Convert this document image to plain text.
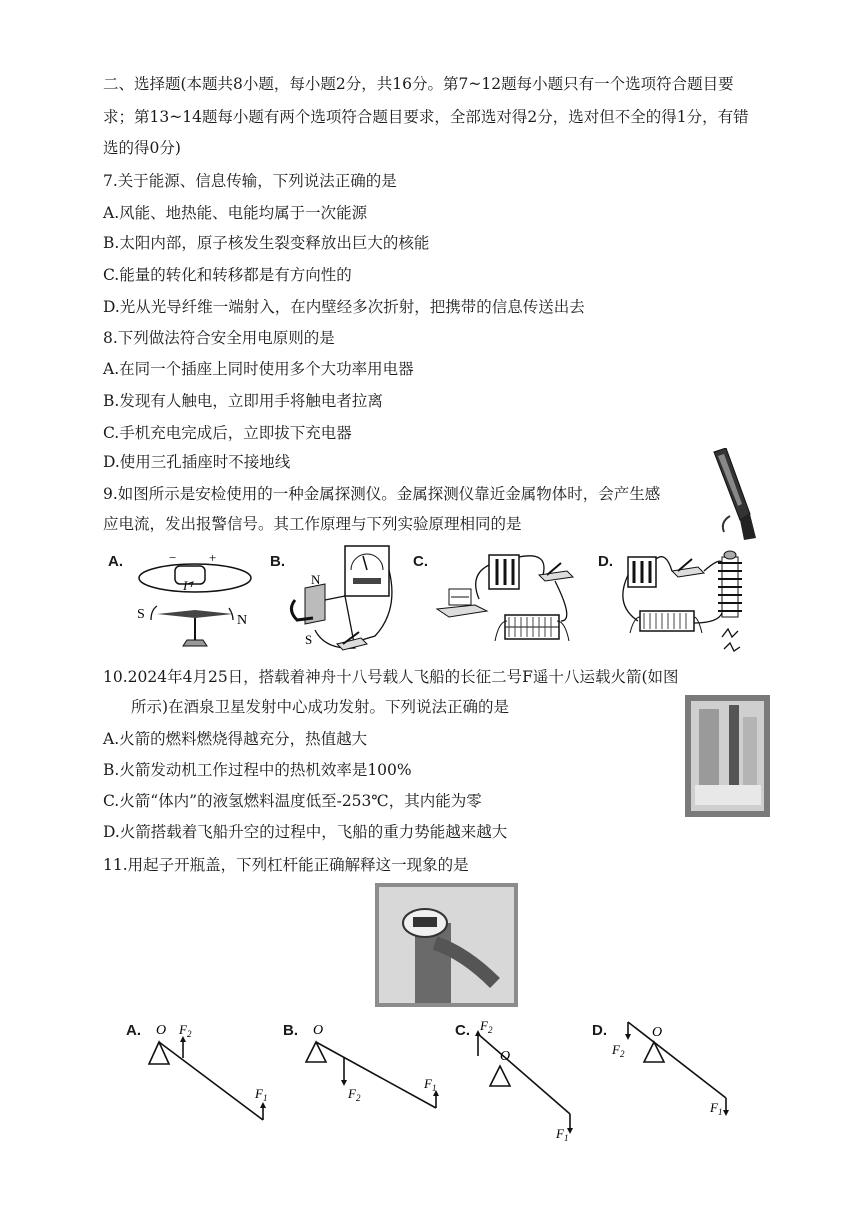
二、选择题(本题共8小题，每小题2分，共16分。第7~12题每小题只有一个选项符合题目要
求；第13~14题每小题有两个选项符合题目要求，全部选对得2分，选对但不全的得1分，有错
选的得0分)
7.关于能源、信息传输，下列说法正确的是
A.风能、地热能、电能均属于一次能源
B.太阳内部，原子核发生裂变释放出巨大的核能
C.能量的转化和转移都是有方向性的
D.光从光导纤维一端射入，在内壁经多次折射，把携带的信息传送出去
8.下列做法符合安全用电原则的是
A.在同一个插座上同时使用多个大功率用电器
B.发现有人触电，立即用手将触电者拉离
C.手机充电完成后，立即拔下充电器
D.使用三孔插座时不接地线
9.如图所示是安检使用的一种金属探测仪。金属探测仪靠近金属物体时，会产生感
应电流，发出报警信号。其工作原理与下列实验原理相同的是
A.	−	+
I
S	N
B.
N
S
C.	D.
10.2024年4月25日，搭载着神舟十八号载人飞船的长征二号F遥十八运载火箭(如图
所示)在酒泉卫星发射中心成功发射。下列说法正确的是
A.火箭的燃料燃烧得越充分，热值越大
B.火箭发动机工作过程中的热机效率是100%
C.火箭“体内”的液氢燃料温度低至-253℃，其内能为零
D.火箭搭载着飞船升空的过程中，飞船的重力势能越来越大
11.用起子开瓶盖，下列杠杆能正确解释这一现象的是
A. O $F_2$
$F_1$
B. O
$F_2$
$F_1$
C. $F_2$
O
$F_1$
D.
$F_2$
O
$F_1$
